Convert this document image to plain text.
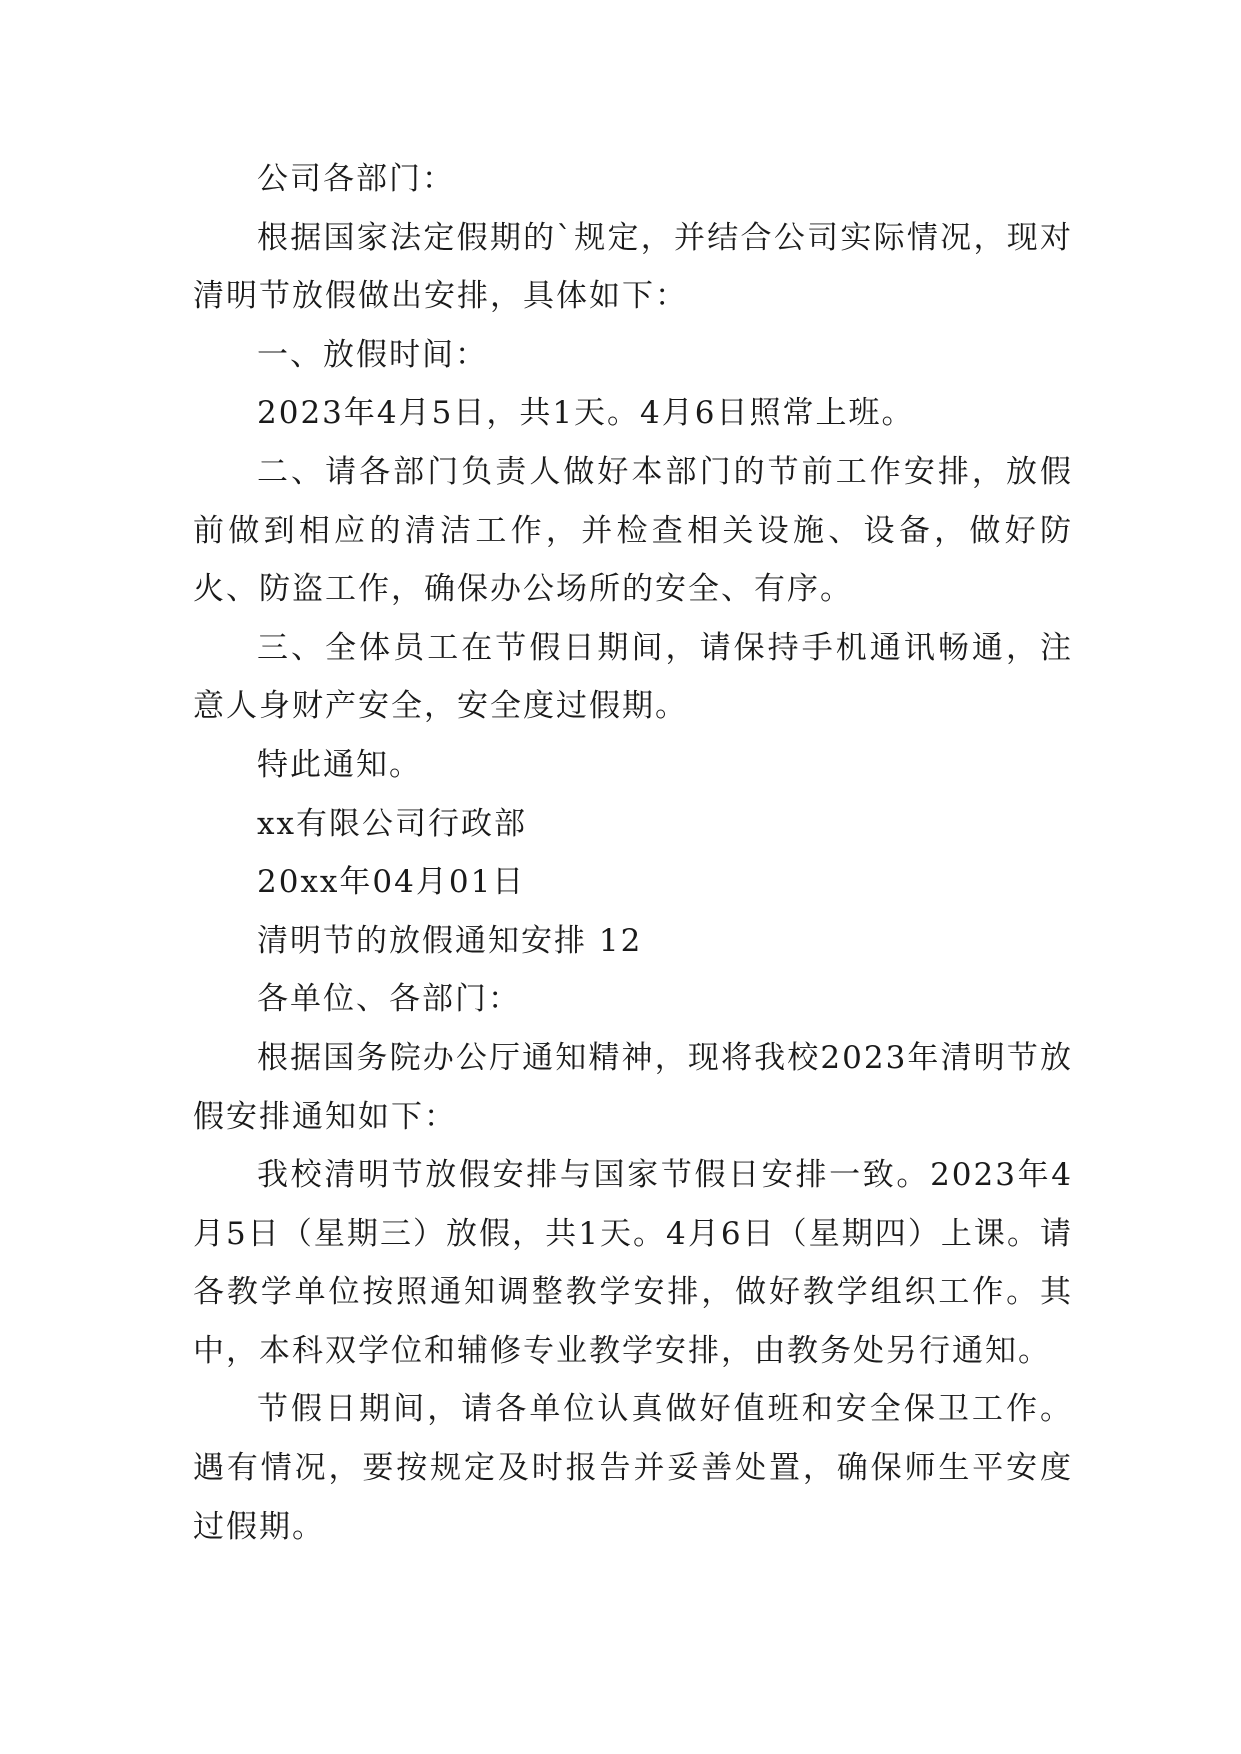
公司各部门：

根据国家法定假期的`规定，并结合公司实际情况，现对清明节放假做出安排，具体如下：

一、放假时间：

2023年4月5日，共1天。4月6日照常上班。

二、请各部门负责人做好本部门的节前工作安排，放假前做到相应的清洁工作，并检查相关设施、设备，做好防火、防盗工作，确保办公场所的安全、有序。

三、全体员工在节假日期间，请保持手机通讯畅通，注意人身财产安全，安全度过假期。

特此通知。

xx有限公司行政部

20xx年04月01日

清明节的放假通知安排 12

各单位、各部门：

根据国务院办公厅通知精神，现将我校2023年清明节放假安排通知如下：

我校清明节放假安排与国家节假日安排一致。2023年4月5日（星期三）放假，共1天。4月6日（星期四）上课。请各教学单位按照通知调整教学安排，做好教学组织工作。其中，本科双学位和辅修专业教学安排，由教务处另行通知。

节假日期间，请各单位认真做好值班和安全保卫工作。遇有情况，要按规定及时报告并妥善处置，确保师生平安度过假期。
